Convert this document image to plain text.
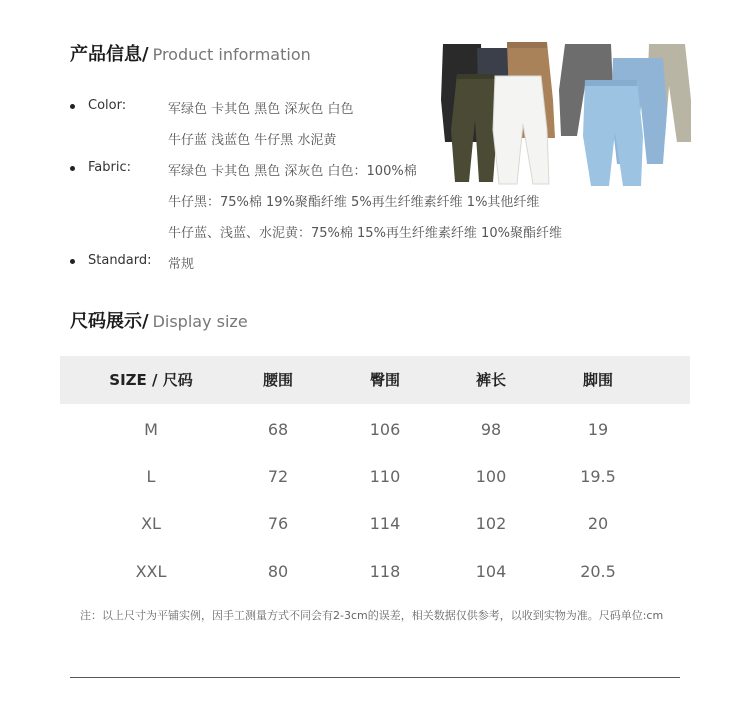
产品信息/ Product information
Color:	军绿色 卡其色 黑色 深灰色 白色
牛仔蓝 浅蓝色 牛仔黑 水泥黄
Fabric:	军绿色 卡其色 黑色 深灰色 白色：100%棉
牛仔黑：75%棉 19%聚酯纤维 5%再生纤维素纤维 1%其他纤维
牛仔蓝、浅蓝、水泥黄：75%棉 15%再生纤维素纤维 10%聚酯纤维
Standard: 常规
尺码展示/ Display size
SIZE / 尺码	腰围	臀围	裤长	脚围
M	68	106	98	19
L	72	110	100	19.5
XL	76	114	102	20
XXL	80	118	104	20.5
注：以上尺寸为平铺实例，因手工测量方式不同会有2-3cm的误差，相关数据仅供参考，以收到实物为准。尺码单位:cm
